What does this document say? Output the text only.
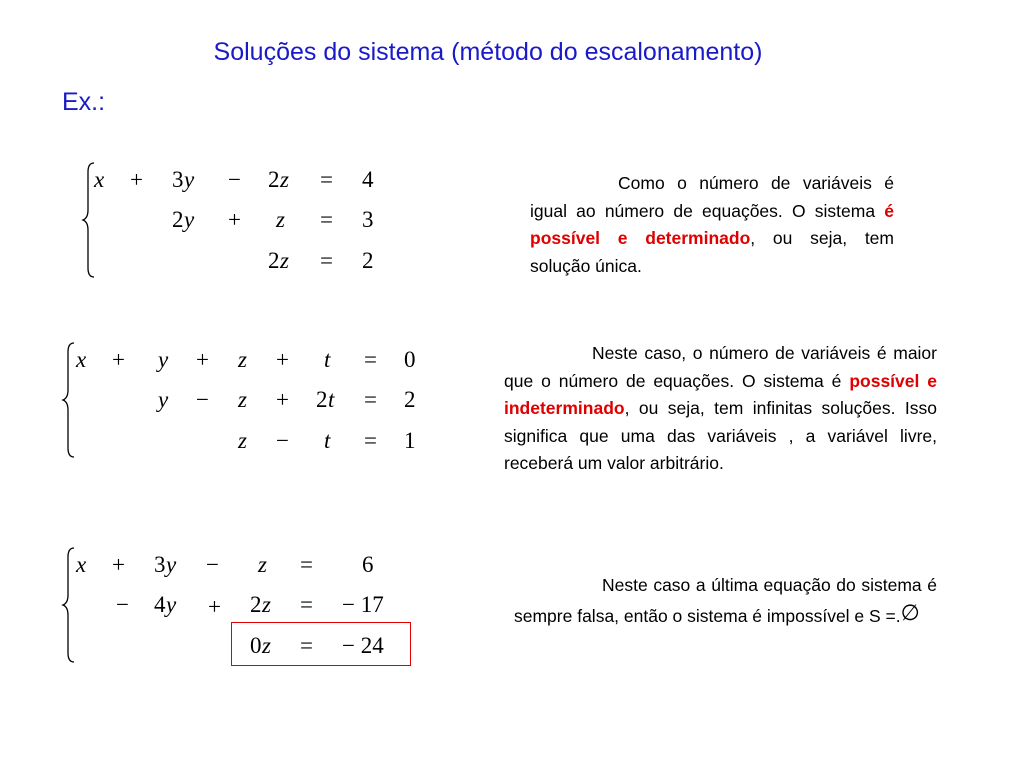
Soluções do sistema (método do escalonamento)
Ex.:
x + 3 y − 2 z = 4
2 y + z = 3
2 z = 2
Como o número de variáveis é igual ao número de equações. O sistema é possível e determinado, ou seja, tem solução única.
x + y + z + t = 0
y − z + 2 t = 2
z − t = 1
Neste caso, o número de variáveis é maior que o número de equações. O sistema é possível e indeterminado, ou seja, tem infinitas soluções. Isso significa que uma das variáveis , a variável livre, receberá um valor arbitrário.
x + 3 y − z = 6
− 4 y + 2 z = − 17
0 z = − 24
Neste caso a última equação do sistema é sempre falsa, então o sistema é impossível e S =.∅
